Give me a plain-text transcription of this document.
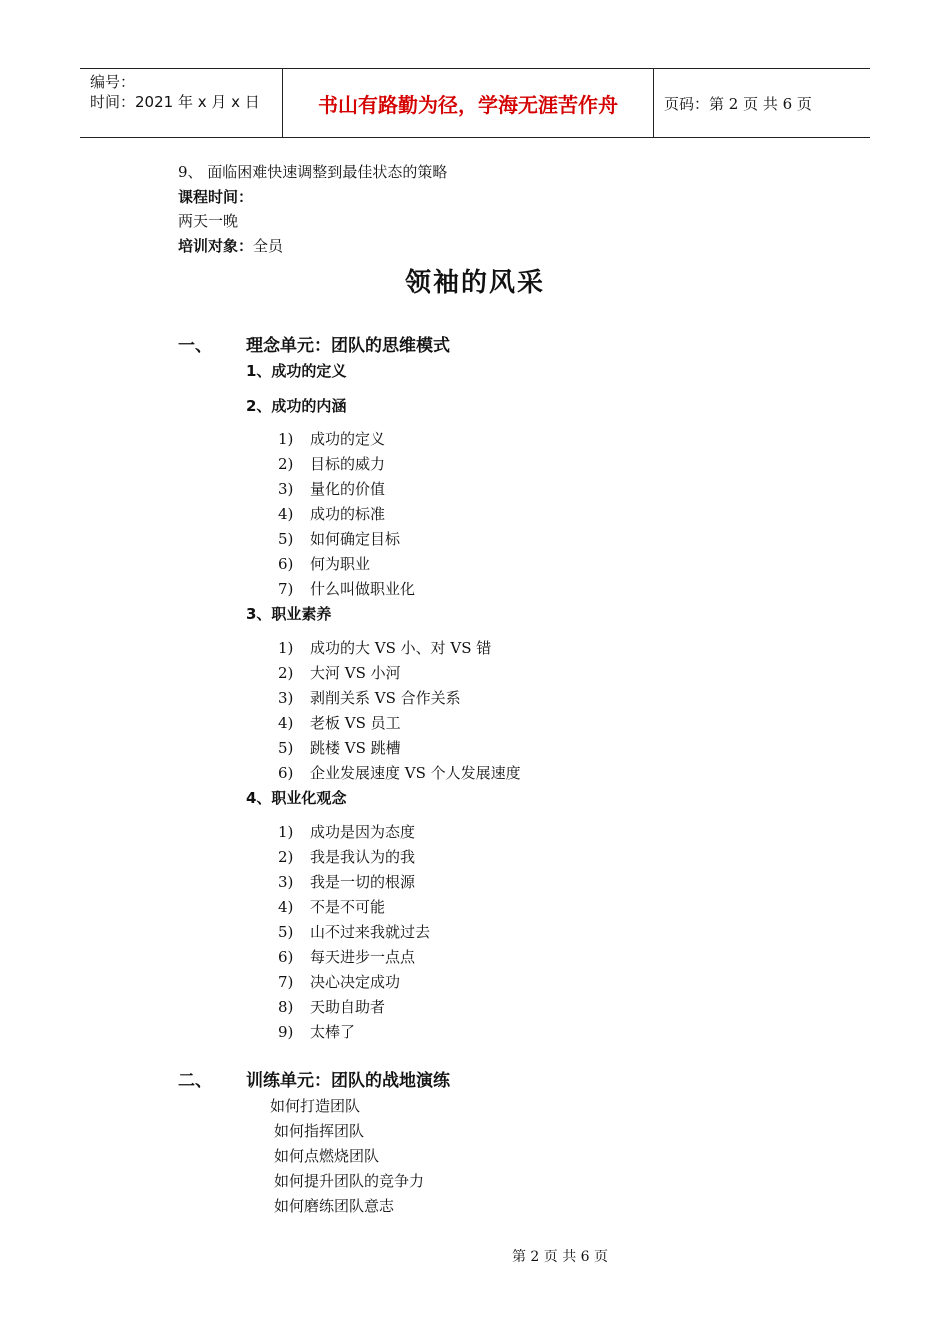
编号：
时间：2021 年 x 月 x 日	书山有路勤为径，学海无涯苦作舟	页码：第 2 页 共 6 页
9、 面临困难快速调整到最佳状态的策略
课程时间：
两天一晚
培训对象：全员
领袖的风采
一、 理念单元：团队的思维模式
1、成功的定义
2、成功的内涵
1) 成功的定义
2) 目标的威力
3) 量化的价值
4) 成功的标准
5) 如何确定目标
6) 何为职业
7) 什么叫做职业化
3、职业素养
1) 成功的大 VS 小、对 VS 错
2) 大河 VS 小河
3) 剥削关系 VS 合作关系
4) 老板 VS 员工
5) 跳楼 VS 跳槽
6) 企业发展速度 VS 个人发展速度
4、职业化观念
1) 成功是因为态度
2) 我是我认为的我
3) 我是一切的根源
4) 不是不可能
5) 山不过来我就过去
6) 每天进步一点点
7) 决心决定成功
8) 天助自助者
9) 太棒了
二、 训练单元：团队的战地演练
如何打造团队
如何指挥团队
如何点燃烧团队
如何提升团队的竞争力
如何磨练团队意志
第 2 页 共 6 页
